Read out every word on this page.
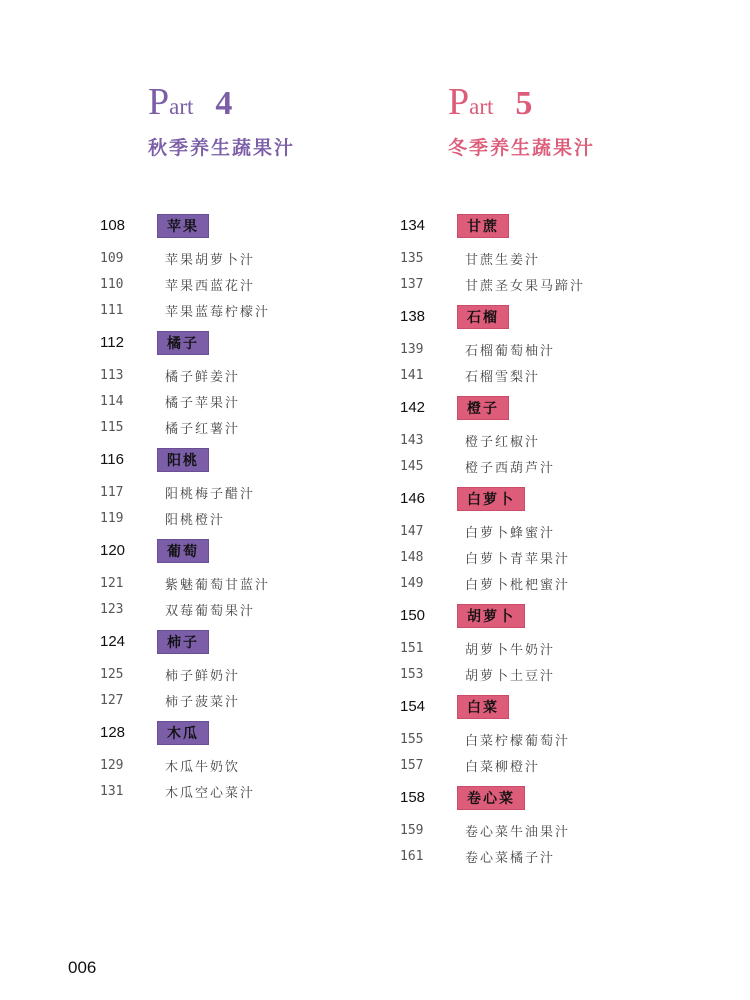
Part 4
秋季养生蔬果汁
108	苹果
109	苹果胡萝卜汁
110	苹果西蓝花汁
111	苹果蓝莓柠檬汁
112	橘子
113	橘子鲜姜汁
114	橘子苹果汁
115	橘子红薯汁
116	阳桃
117	阳桃梅子醋汁
119	阳桃橙汁
120	葡萄
121	紫魅葡萄甘蓝汁
123	双莓葡萄果汁
124	柿子
125	柿子鲜奶汁
127	柿子菠菜汁
128	木瓜
129	木瓜牛奶饮
131	木瓜空心菜汁
Part 5
冬季养生蔬果汁
134	甘蔗
135	甘蔗生姜汁
137	甘蔗圣女果马蹄汁
138	石榴
139	石榴葡萄柚汁
141	石榴雪梨汁
142	橙子
143	橙子红椒汁
145	橙子西葫芦汁
146	白萝卜
147	白萝卜蜂蜜汁
148	白萝卜青苹果汁
149	白萝卜枇杷蜜汁
150	胡萝卜
151	胡萝卜牛奶汁
153	胡萝卜土豆汁
154	白菜
155	白菜柠檬葡萄汁
157	白菜柳橙汁
158	卷心菜
159	卷心菜牛油果汁
161	卷心菜橘子汁
006
